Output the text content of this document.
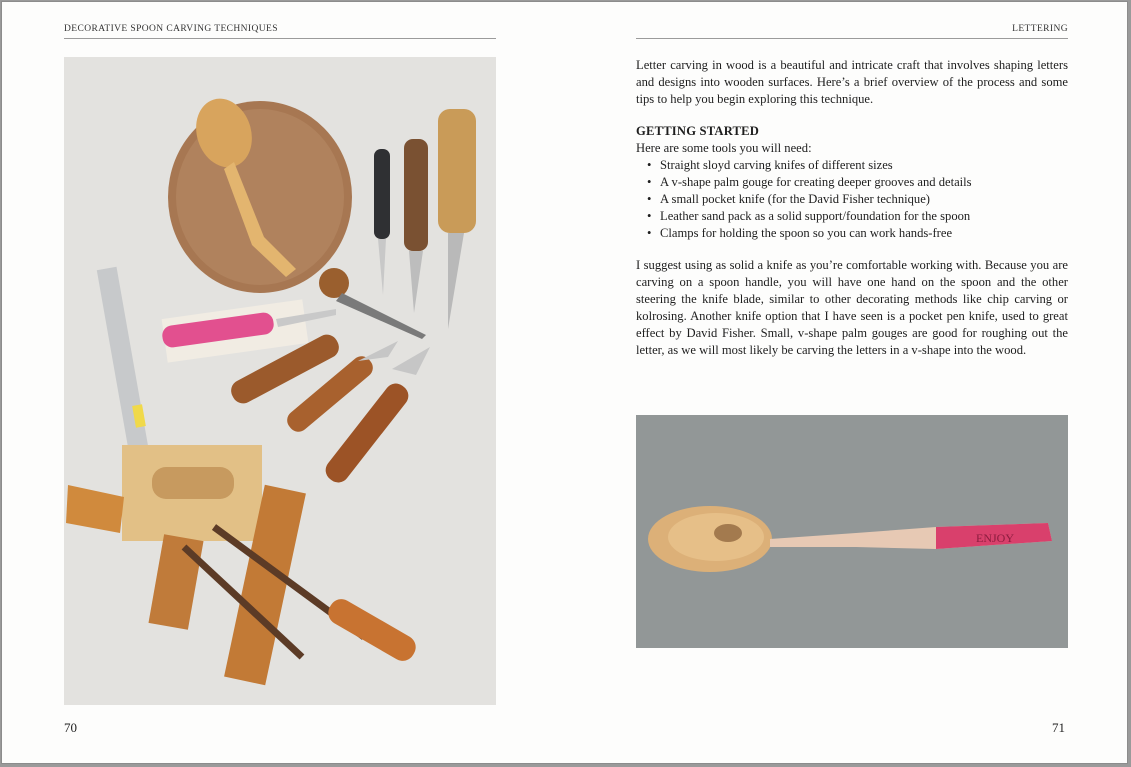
DECORATIVE SPOON CARVING TECHNIQUES
70
LETTERING
Letter carving in wood is a beautiful and intricate craft that involves shaping letters and designs into wooden surfaces. Here’s a brief overview of the process and some tips to help you begin exploring this technique.
GETTING STARTED
Here are some tools you will need:
• Straight sloyd carving knifes of different sizes
• A v-shape palm gouge for creating deeper grooves and details
• A small pocket knife (for the David Fisher technique)
• Leather sand pack as a solid support/foundation for the spoon
• Clamps for holding the spoon so you can work hands-free
I suggest using as solid a knife as you’re comfortable working with. Because you are carving on a spoon handle, you will have one hand on the spoon and the other steering the knife blade, similar to other decorating methods like chip carving or kolrosing. Another knife option that I have seen is a pocket pen knife, used to great effect by David Fisher. Small, v-shape palm gouges are good for roughing out the letter, as we will most likely be carving the letters in a v-shape into the wood.
ENJOY
71
